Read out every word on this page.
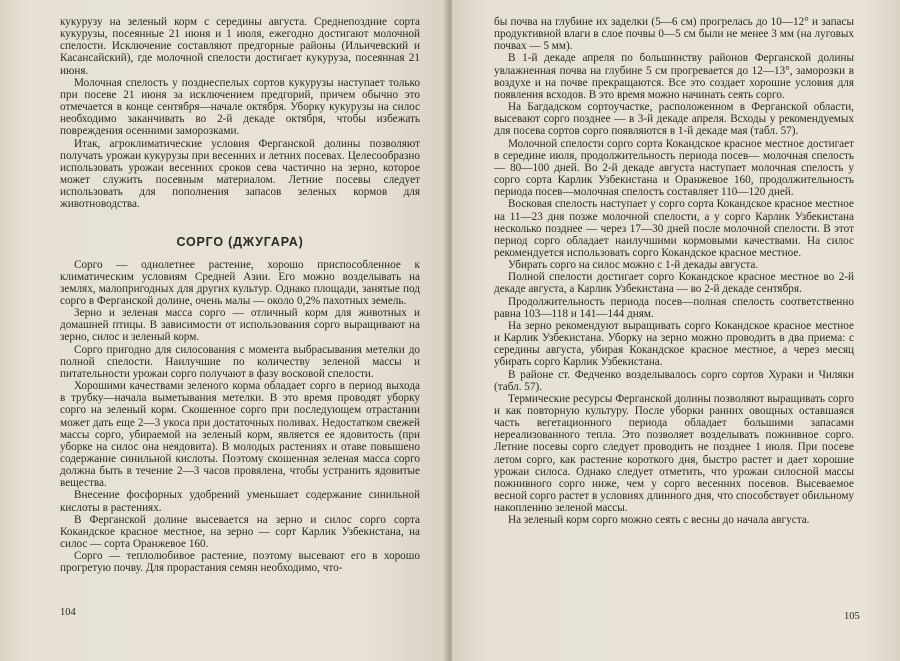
кукурузу на зеленый корм с середины августа. Среднепоздние сорта кукурузы, посеянные 21 июня и 1 июля, ежегодно достигают молочной спелости. Исключение составляют предгорные районы (Ильичевский и Касансайский), где молочной спелости достигает кукуруза, посеянная 21 июня.

Молочная спелость у позднеспелых сортов кукурузы наступает только при посеве 21 июня за исключением предгорий, причем обычно это отмечается в конце сентября—начале октября. Уборку кукурузы на силос необходимо заканчивать во 2-й декаде октября, чтобы избежать повреждения осенними заморозками.

Итак, агроклиматические условия Ферганской долины позволяют получать урожаи кукурузы при весенних и летних посевах. Целесообразно использовать урожаи весенних сроков сева частично на зерно, которое может служить посевным материалом. Летние посевы следует использовать для пополнения запасов зеленых кормов для животноводства.

СОРГО (ДЖУГАРА)

Сорго — однолетнее растение, хорошо приспособленное к климатическим условиям Средней Азии. Его можно возделывать на землях, малопригодных для других культур. Однако площади, занятые под сорго в Ферганской долине, очень малы — около 0,2% пахотных земель.

Зерно и зеленая масса сорго — отличный корм для животных и домашней птицы. В зависимости от использования сорго выращивают на зерно, силос и зеленый корм.

Сорго пригодно для силосования с момента выбрасывания метелки до полной спелости. Наилучшие по количеству зеленой массы и питательности урожаи сорго получают в фазу восковой спелости.

Хорошими качествами зеленого корма обладает сорго в период выхода в трубку—начала выметывания метелки. В это время проводят уборку сорго на зеленый корм. Скошенное сорго при последующем отрастании может дать еще 2—3 укоса при достаточных поливах. Недостатком свежей массы сорго, убираемой на зеленый корм, является ее ядовитость (при уборке на силос она неядовита). В молодых растениях и отаве повышено содержание синильной кислоты. Поэтому скошенная зеленая масса сорго должна быть в течение 2—3 часов провялена, чтобы устранить ядовитые вещества.

Внесение фосфорных удобрений уменьшает содержание синильной кислоты в растениях.

В Ферганской долине высевается на зерно и силос сорго сорта Кокандское красное местное, на зерно — сорт Карлик Узбекистана, на силос — сорта Оранжевое 160.

Сорго — теплолюбивое растение, поэтому высевают его в хорошо прогретую почву. Для прорастания семян необходимо, что-

104

бы почва на глубине их заделки (5—6 см) прогрелась до 10—12° и запасы продуктивной влаги в слое почвы 0—5 см были не менее 3 мм (на луговых почвах — 5 мм).

В 1-й декаде апреля по большинству районов Ферганской долины увлажненная почва на глубине 5 см прогревается до 12—13°, заморозки в воздухе и на почве прекращаются. Все это создает хорошие условия для появления всходов. В это время можно начинать сеять сорго.

На Багдадском сортоучастке, расположенном в Ферганской области, высевают сорго позднее — в 3-й декаде апреля. Всходы у рекомендуемых для посева сортов сорго появляются в 1-й декаде мая (табл. 57).

Молочной спелости сорго сорта Кокандское красное местное достигает в середине июля, продолжительность периода посев— молочная спелость — 80—100 дней. Во 2-й декаде августа наступает молочная спелость у сорго сорта Карлик Узбекистана и Оранжевое 160, продолжительность периода посев—молочная спелость составляет 110—120 дней.

Восковая спелость наступает у сорго сорта Кокандское красное местное на 11—23 дня позже молочной спелости, а у сорго Карлик Узбекистана несколько позднее — через 17—30 дней после молочной спелости. В этот период сорго обладает наилучшими кормовыми качествами. На силос рекомендуется использовать сорго Кокандское красное местное.

Убирать сорго на силос можно с 1-й декады августа.

Полной спелости достигает сорго Кокандское красное местное во 2-й декаде августа, а Карлик Узбекистана — во 2-й декаде сентября.

Продолжительность периода посев—полная спелость соответственно равна 103—118 и 141—144 дням.

На зерно рекомендуют выращивать сорго Кокандское красное местное и Карлик Узбекистана. Уборку на зерно можно проводить в два приема: с середины августа, убирая Кокандское красное местное, а через месяц убирать сорго Карлик Узбекистана.

В районе ст. Федченко возделывалось сорго сортов Хураки и Чиляки (табл. 57).

Термические ресурсы Ферганской долины позволяют выращивать сорго и как повторную культуру. После уборки ранних овощных оставшаяся часть вегетационного периода обладает большими запасами нереализованного тепла. Это позволяет возделывать пожнивное сорго. Летние посевы сорго следует проводить не позднее 1 июля. При посеве летом сорго, как растение короткого дня, быстро растет и дает хорошие урожаи силоса. Однако следует отметить, что урожаи силосной массы пожнивного сорго ниже, чем у сорго весенних посевов. Высеваемое весной сорго растет в условиях длинного дня, что способствует обильному накоплению зеленой массы.

На зеленый корм сорго можно сеять с весны до начала августа.

105
